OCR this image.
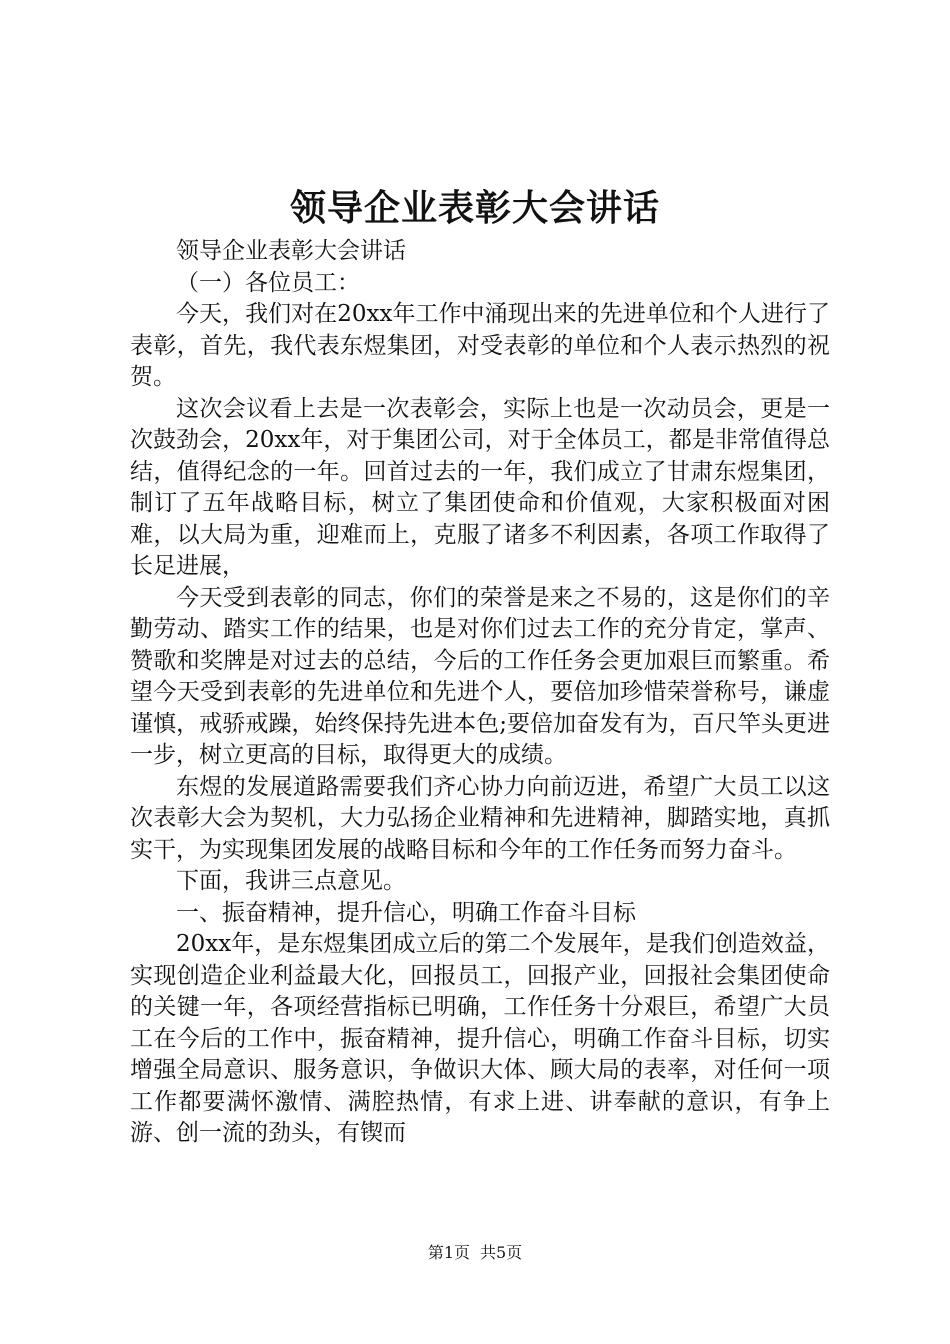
领导企业表彰大会讲话

领导企业表彰大会讲话

（一）各位员工：

今天，我们对在20xx年工作中涌现出来的先进单位和个人进行了表彰，首先，我代表东煜集团，对受表彰的单位和个人表示热烈的祝贺。

这次会议看上去是一次表彰会，实际上也是一次动员会，更是一次鼓劲会，20xx年，对于集团公司，对于全体员工，都是非常值得总结，值得纪念的一年。回首过去的一年，我们成立了甘肃东煜集团，制订了五年战略目标，树立了集团使命和价值观，大家积极面对困难，以大局为重，迎难而上，克服了诸多不利因素，各项工作取得了长足进展，

今天受到表彰的同志，你们的荣誉是来之不易的，这是你们的辛勤劳动、踏实工作的结果，也是对你们过去工作的充分肯定，掌声、赞歌和奖牌是对过去的总结，今后的工作任务会更加艰巨而繁重。希望今天受到表彰的先进单位和先进个人，要倍加珍惜荣誉称号，谦虚谨慎，戒骄戒躁，始终保持先进本色;要倍加奋发有为，百尺竿头更进一步，树立更高的目标，取得更大的成绩。

东煜的发展道路需要我们齐心协力向前迈进，希望广大员工以这次表彰大会为契机，大力弘扬企业精神和先进精神，脚踏实地，真抓实干，为实现集团发展的战略目标和今年的工作任务而努力奋斗。

下面，我讲三点意见。

一、振奋精神，提升信心，明确工作奋斗目标

20xx年，是东煜集团成立后的第二个发展年，是我们创造效益，实现创造企业利益最大化，回报员工，回报产业，回报社会集团使命的关键一年，各项经营指标已明确，工作任务十分艰巨，希望广大员工在今后的工作中，振奋精神，提升信心，明确工作奋斗目标，切实增强全局意识、服务意识，争做识大体、顾大局的表率，对任何一项工作都要满怀激情、满腔热情，有求上进、讲奉献的意识，有争上游、创一流的劲头，有锲而

第1页 共5页
